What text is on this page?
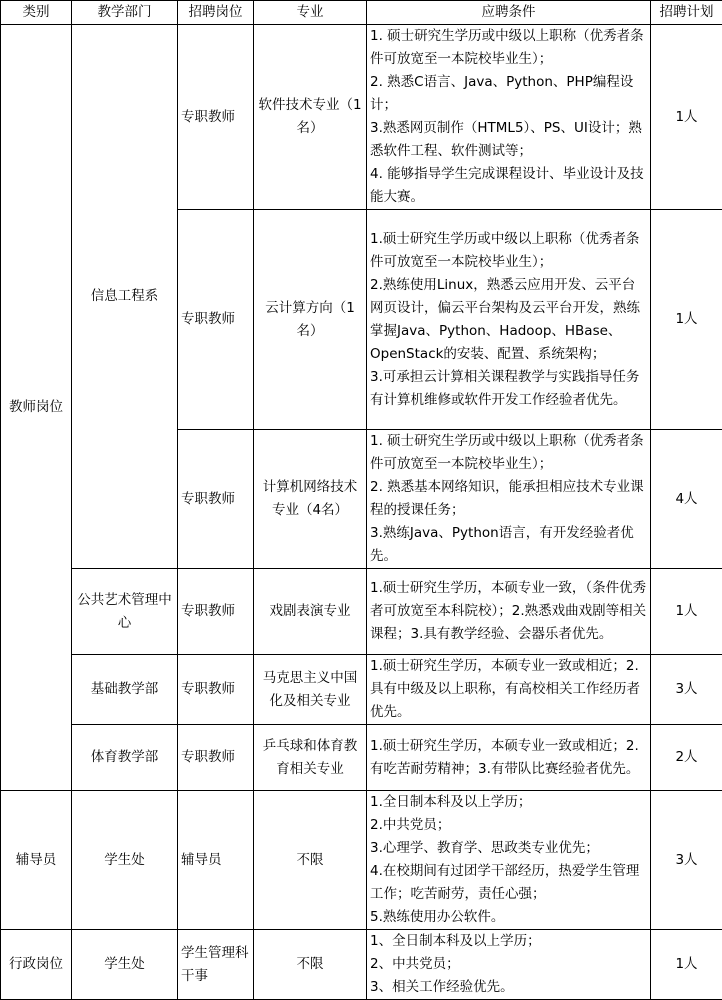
类别	教学部门	招聘岗位	专业	应聘条件	招聘计划
教师岗位	信息工程系	专职教师	软件技术专业（1名）	1. 硕士研究生学历或中级以上职称（优秀者条件可放宽至一本院校毕业生）；
2. 熟悉C语言、Java、Python、PHP编程设计；
3.熟悉网页制作（HTML5）、PS、UI设计；熟悉软件工程、软件测试等；
4. 能够指导学生完成课程设计、毕业设计及技能大赛。	1人
		专职教师	云计算方向（1名）	1.硕士研究生学历或中级以上职称（优秀者条件可放宽至一本院校毕业生）；
2.熟练使用Linux，熟悉云应用开发、云平台网页设计，偏云平台架构及云平台开发，熟练掌握Java、Python、Hadoop、HBase、OpenStack的安装、配置、系统架构；
3.可承担云计算相关课程教学与实践指导任务有计算机维修或软件开发工作经验者优先。	1人
		专职教师	计算机网络技术专业（4名）	1. 硕士研究生学历或中级以上职称（优秀者条件可放宽至一本院校毕业生）；
2. 熟悉基本网络知识，能承担相应技术专业课程的授课任务；
3.熟练Java、Python语言，有开发经验者优先。	4人
	公共艺术管理中心	专职教师	戏剧表演专业	1.硕士研究生学历，本硕专业一致，（条件优秀者可放宽至本科院校）；2.熟悉戏曲戏剧等相关课程；3.具有教学经验、会器乐者优先。	1人
	基础教学部	专职教师	马克思主义中国化及相关专业	1.硕士研究生学历，本硕专业一致或相近；2.具有中级及以上职称，有高校相关工作经历者优先。	3人
	体育教学部	专职教师	乒乓球和体育教育相关专业	1.硕士研究生学历，本硕专业一致或相近；2.有吃苦耐劳精神；3.有带队比赛经验者优先。	2人
辅导员	学生处	辅导员	不限	1.全日制本科及以上学历；
2.中共党员；
3.心理学、教育学、思政类专业优先；
4.在校期间有过团学干部经历，热爱学生管理工作；吃苦耐劳，责任心强；
5.熟练使用办公软件。	3人
行政岗位	学生处	学生管理科干事	不限	1、全日制本科及以上学历；
2、中共党员；
3、相关工作经验优先。	1人
